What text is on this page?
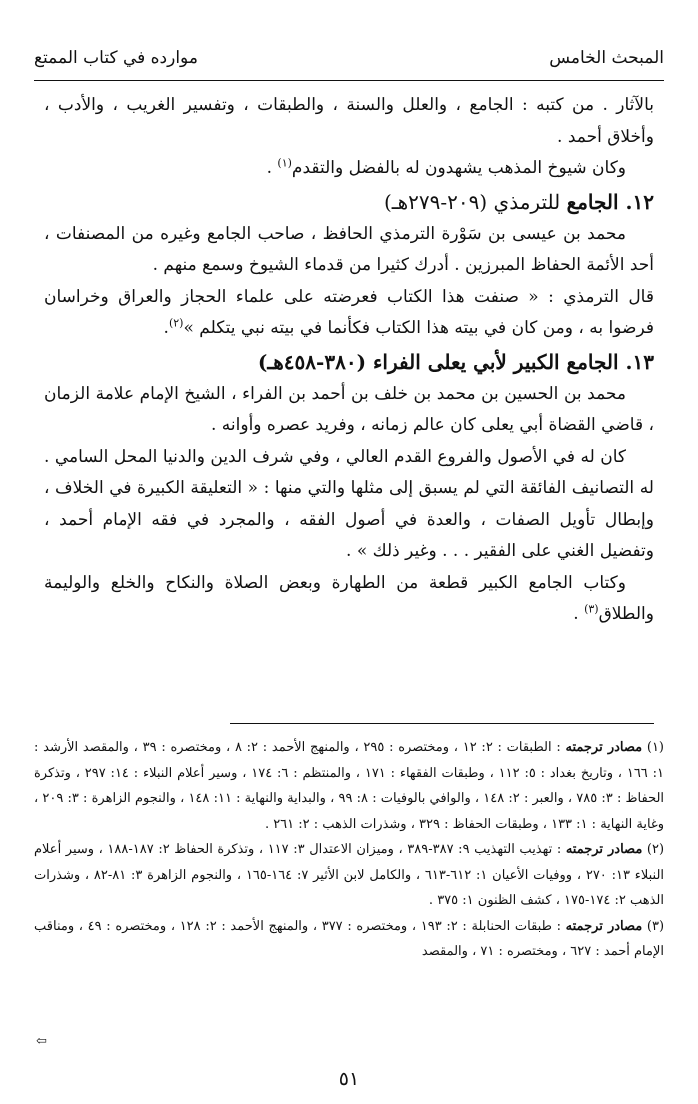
المبحث الخامس
موارده في كتاب الممتع

بالآثار . من كتبه : الجامع ، والعلل والسنة ، والطبقات ، وتفسير الغريب ، والأدب ، وأخلاق أحمد .

وكان شيوخ المذهب يشهدون له بالفضل والتقدم$^{(١)}$ .

١٢. الجامع للترمذي (٢٠٩-٢٧٩هـ)

محمد بن عيسى بن سَوْرة الترمذي الحافظ ، صاحب الجامع وغيره من المصنفات ، أحد الأئمة الحفاظ المبرزين . أدرك كثيرا من قدماء الشيوخ وسمع منهم .

قال الترمذي : « صنفت هذا الكتاب فعرضته على علماء الحجاز والعراق وخراسان فرضوا به ، ومن كان في بيته هذا الكتاب فكأنما في بيته نبي يتكلم »$^{(٢)}$.

١٣. الجامع الكبير لأبي يعلى الفراء (٣٨٠-٤٥٨هـ)

محمد بن الحسين بن محمد بن خلف بن أحمد بن الفراء ، الشيخ الإمام علامة الزمان ، قاضي القضاة أبي يعلى كان عالم زمانه ، وفريد عصره وأوانه .

كان له في الأصول والفروع القدم العالي ، وفي شرف الدين والدنيا المحل السامي . له التصانيف الفائقة التي لم يسبق إلى مثلها والتي منها : « التعليقة الكبيرة في الخلاف ، وإبطال تأويل الصفات ، والعدة في أصول الفقه ، والمجرد في فقه الإمام أحمد ، وتفضيل الغني على الفقير . . . وغير ذلك » .

وكتاب الجامع الكبير قطعة من الطهارة وبعض الصلاة والنكاح والخلع والوليمة والطلاق$^{(٣)}$ .

(١) مصادر ترجمته : الطبقات : ٢: ١٢ ، ومختصره : ٢٩٥ ، والمنهج الأحمد : ٢: ٨ ، ومختصره : ٣٩ ، والمقصد الأرشد : ١: ١٦٦ ، وتاريخ بغداد : ٥: ١١٢ ، وطبقات الفقهاء : ١٧١ ، والمنتظم : ٦: ١٧٤ ، وسير أعلام النبلاء : ١٤: ٢٩٧ ، وتذكرة الحفاظ : ٣: ٧٨٥ ، والعبر : ٢: ١٤٨ ، والوافي بالوفيات : ٨: ٩٩ ، والبداية والنهاية : ١١: ١٤٨ ، والنجوم الزاهرة : ٣: ٢٠٩ ، وغاية النهاية : ١: ١٣٣ ، وطبقات الحفاظ : ٣٢٩ ، وشذرات الذهب : ٢: ٢٦١ .

(٢) مصادر ترجمته : تهذيب التهذيب ٩: ٣٨٧-٣٨٩ ، وميزان الاعتدال ٣: ١١٧ ، وتذكرة الحفاظ ٢: ١٨٧-١٨٨ ، وسير أعلام النبلاء ١٣: ٢٧٠ ، ووفيات الأعيان ١: ٦١٢-٦١٣ ، والكامل لابن الأثير ٧: ١٦٤-١٦٥ ، والنجوم الزاهرة ٣: ٨١-٨٢ ، وشذرات الذهب ٢: ١٧٤-١٧٥ ، كشف الظنون ١: ٣٧٥ .

(٣) مصادر ترجمته : طبقات الحنابلة : ٢: ١٩٣ ، ومختصره : ٣٧٧ ، والمنهج الأحمد : ٢: ١٢٨ ، ومختصره : ٤٩ ، ومناقب الإمام أحمد : ٦٢٧ ، ومختصره : ٧١ ، والمقصد

⇦
٥١
